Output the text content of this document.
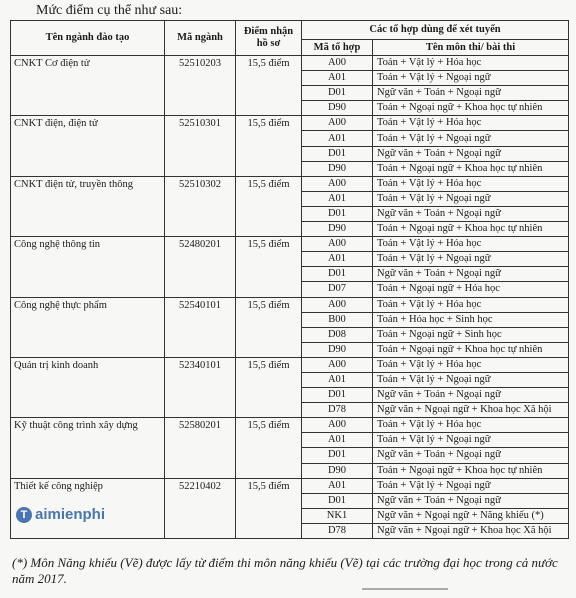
Mức điểm cụ thể như sau:
Tên ngành đào tạo	Mã ngành	Điểm nhận hồ sơ	Các tổ hợp dùng để xét tuyển	
			Mã tổ hợp	Tên môn thi/ bài thi
CNKT Cơ điện tử	52510203	15,5 điểm	A00	Toán + Vật lý + Hóa học
			A01	Toán + Vật lý + Ngoại ngữ
			D01	Ngữ văn + Toán + Ngoại ngữ
			D90	Toán + Ngoại ngữ + Khoa học tự nhiên
CNKT điện, điện tử	52510301	15,5 điểm	A00	Toán + Vật lý + Hóa học
			A01	Toán + Vật lý + Ngoại ngữ
			D01	Ngữ văn + Toán + Ngoại ngữ
			D90	Toán + Ngoại ngữ + Khoa học tự nhiên
CNKT điện tử, truyền thông	52510302	15,5 điểm	A00	Toán + Vật lý + Hóa học
			A01	Toán + Vật lý + Ngoại ngữ
			D01	Ngữ văn + Toán + Ngoại ngữ
			D90	Toán + Ngoại ngữ + Khoa học tự nhiên
Công nghệ thông tin	52480201	15,5 điểm	A00	Toán + Vật lý + Hóa học
			A01	Toán + Vật lý + Ngoại ngữ
			D01	Ngữ văn + Toán + Ngoại ngữ
			D07	Toán + Ngoại ngữ + Hóa học
Công nghệ thực phẩm	52540101	15,5 điểm	A00	Toán + Vật lý + Hóa học
			B00	Toán + Hóa học + Sinh học
			D08	Toán + Ngoại ngữ + Sinh học
			D90	Toán + Ngoại ngữ + Khoa học tự nhiên
Quản trị kinh doanh	52340101	15,5 điểm	A00	Toán + Vật lý + Hóa học
			A01	Toán + Vật lý + Ngoại ngữ
			D01	Ngữ văn + Toán + Ngoại ngữ
			D78	Ngữ văn + Ngoại ngữ + Khoa học Xã hội
Kỹ thuật công trình xây dựng	52580201	15,5 điểm	A00	Toán + Vật lý + Hóa học
			A01	Toán + Vật lý + Ngoại ngữ
			D01	Ngữ văn + Toán + Ngoại ngữ
			D90	Toán + Ngoại ngữ + Khoa học tự nhiên
Thiết kế công nghiệp	52210402	15,5 điểm	A01	Toán + Vật lý + Ngoại ngữ
			D01	Ngữ văn + Toán + Ngoại ngữ
			NK1	Ngữ văn + Ngoại ngữ + Năng khiếu (*)
			D78	Ngữ văn + Ngoại ngữ + Khoa học Xã hội
T aimienphi
(*) Môn Năng khiếu (Vẽ) được lấy từ điểm thi môn năng khiếu (Vẽ) tại các trường đại học trong cả nước năm 2017.
